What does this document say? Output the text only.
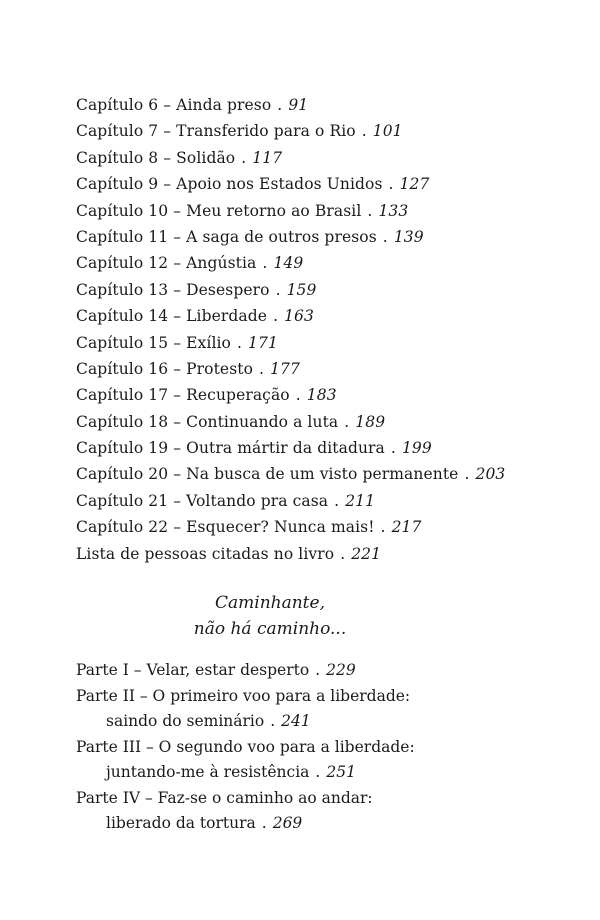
Capítulo 6 – Ainda preso . 91
Capítulo 7 – Transferido para o Rio . 101
Capítulo 8 – Solidão . 117
Capítulo 9 – Apoio nos Estados Unidos . 127
Capítulo 10 – Meu retorno ao Brasil . 133
Capítulo 11 – A saga de outros presos . 139
Capítulo 12 – Angústia . 149
Capítulo 13 – Desespero . 159
Capítulo 14 – Liberdade . 163
Capítulo 15 – Exílio . 171
Capítulo 16 – Protesto . 177
Capítulo 17 – Recuperação . 183
Capítulo 18 – Continuando a luta . 189
Capítulo 19 – Outra mártir da ditadura . 199
Capítulo 20 – Na busca de um visto permanente . 203
Capítulo 21 – Voltando pra casa . 211
Capítulo 22 – Esquecer? Nunca mais! . 217
Lista de pessoas citadas no livro . 221
Caminhante,
não há caminho...
Parte I – Velar, estar desperto . 229
Parte II – O primeiro voo para a liberdade:
saindo do seminário . 241
Parte III – O segundo voo para a liberdade:
juntando-me à resistência . 251
Parte IV – Faz-se o caminho ao andar:
liberado da tortura . 269
